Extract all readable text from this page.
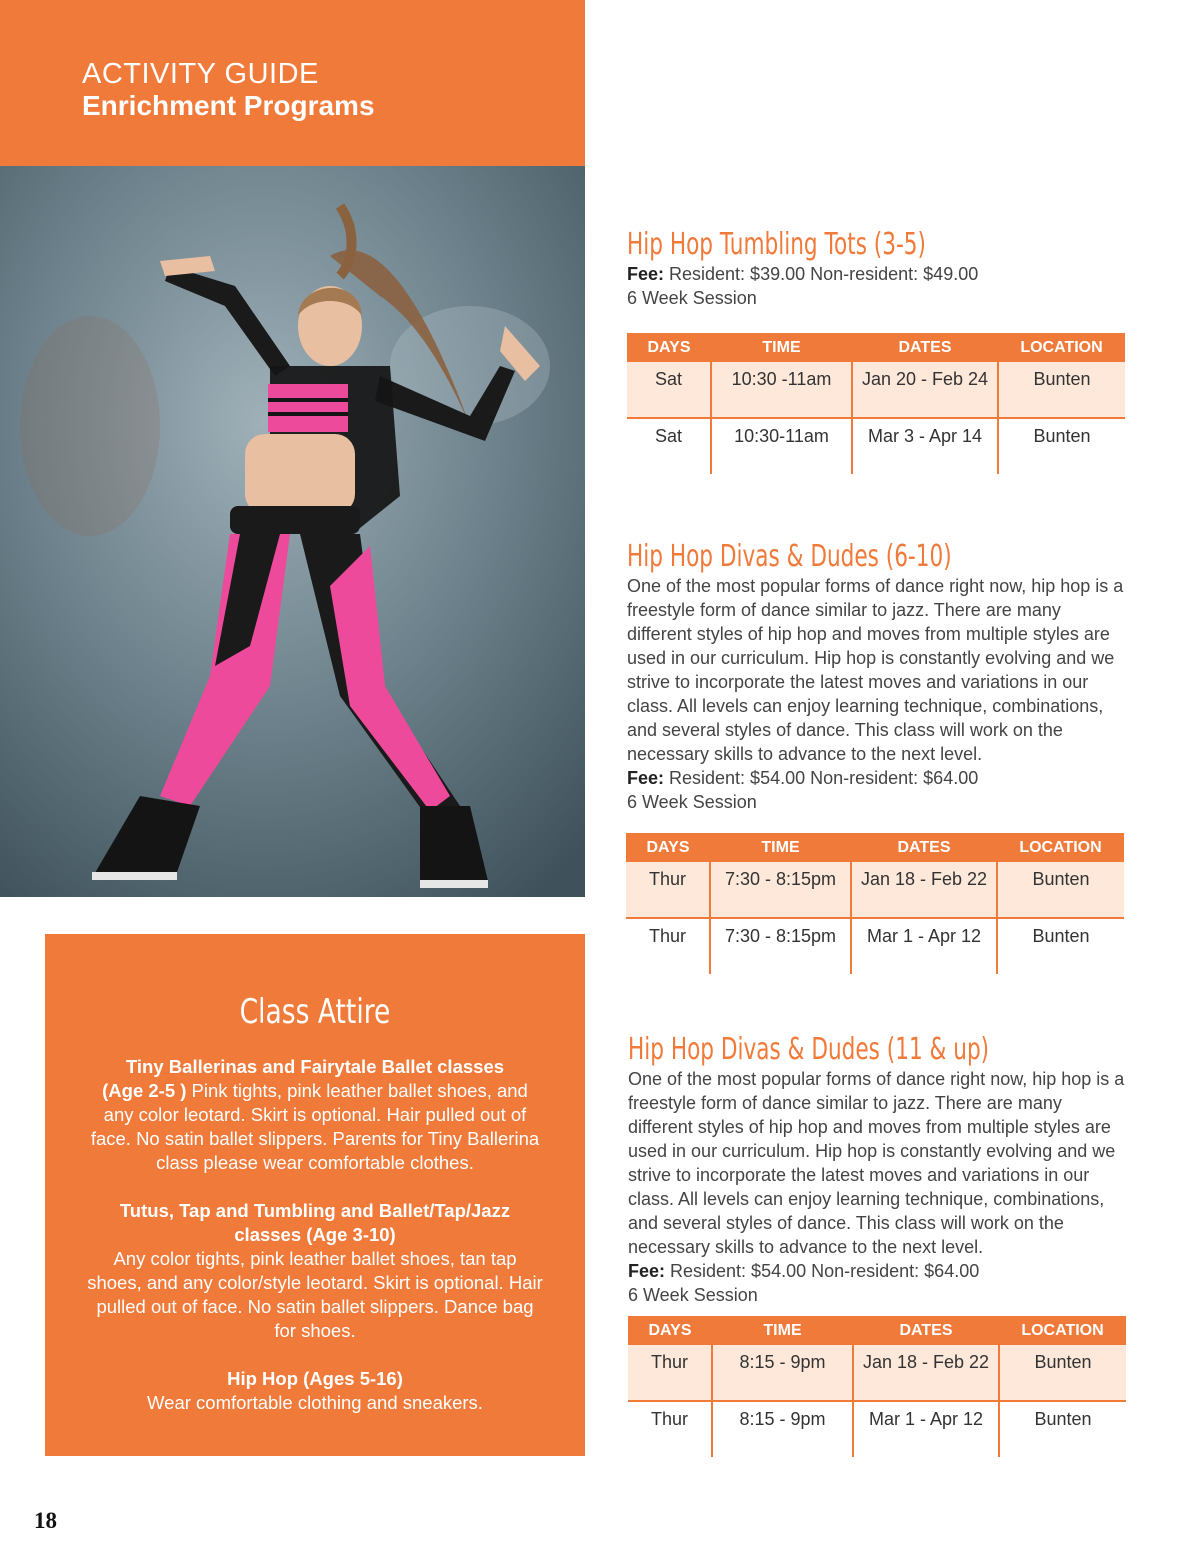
ACTIVITY GUIDE
Enrichment Programs
Class Attire
Tiny Ballerinas and Fairytale Ballet classes
(Age 2-5 ) Pink tights, pink leather ballet shoes, and any color leotard. Skirt is optional. Hair pulled out of face. No satin ballet slippers. Parents for Tiny Ballerina class please wear comfortable clothes.
Tutus, Tap and Tumbling and Ballet/Tap/Jazz classes (Age 3-10)
Any color tights, pink leather ballet shoes, tan tap shoes, and any color/style leotard. Skirt is optional. Hair pulled out of face. No satin ballet slippers. Dance bag for shoes.
Hip Hop (Ages 5-16)
Wear comfortable clothing and sneakers.
18
Hip Hop Tumbling Tots (3-5)
Fee: Resident: $39.00 Non-resident: $49.00
6 Week Session
DAYS	TIME	DATES	LOCATION
Sat	10:30 -11am	Jan 20 - Feb 24	Bunten
Sat	10:30-11am	Mar 3 - Apr 14	Bunten
Hip Hop Divas & Dudes (6-10)
One of the most popular forms of dance right now, hip hop is a freestyle form of dance similar to jazz. There are many different styles of hip hop and moves from multiple styles are used in our curriculum. Hip hop is constantly evolving and we strive to incorporate the latest moves and variations in our class. All levels can enjoy learning technique, combinations, and several styles of dance. This class will work on the necessary skills to advance to the next level.
Fee: Resident: $54.00 Non-resident: $64.00
6 Week Session
DAYS	TIME	DATES	LOCATION
Thur	7:30 - 8:15pm	Jan 18 - Feb 22	Bunten
Thur	7:30 - 8:15pm	Mar 1 - Apr 12	Bunten
Hip Hop Divas & Dudes (11 & up)
One of the most popular forms of dance right now, hip hop is a freestyle form of dance similar to jazz. There are many different styles of hip hop and moves from multiple styles are used in our curriculum. Hip hop is constantly evolving and we strive to incorporate the latest moves and variations in our class. All levels can enjoy learning technique, combinations, and several styles of dance. This class will work on the necessary skills to advance to the next level.
Fee: Resident: $54.00 Non-resident: $64.00
6 Week Session
DAYS	TIME	DATES	LOCATION
Thur	8:15 - 9pm	Jan 18 - Feb 22	Bunten
Thur	8:15 - 9pm	Mar 1 - Apr 12	Bunten
